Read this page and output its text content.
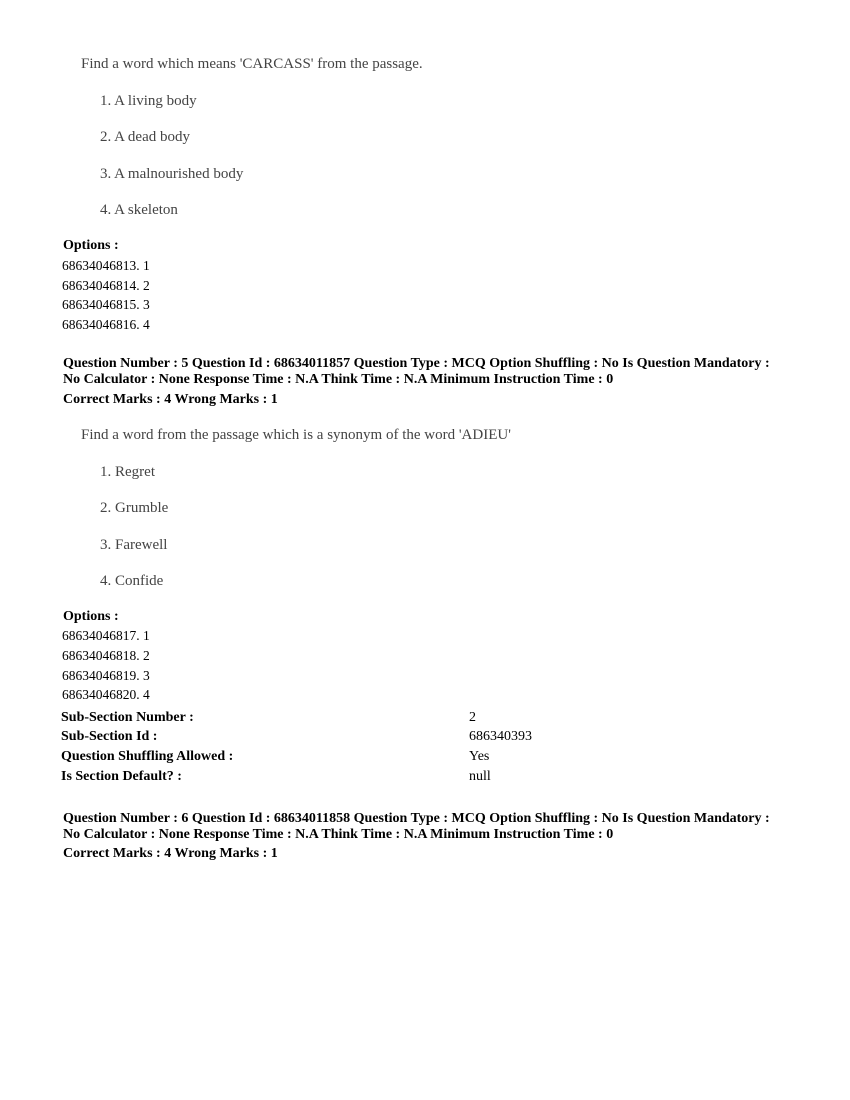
Find a word which means 'CARCASS' from the passage.
1. A living body
2. A dead body
3. A malnourished body
4. A skeleton
Options :
68634046813. 1
68634046814. 2
68634046815. 3
68634046816. 4
Question Number : 5 Question Id : 68634011857 Question Type : MCQ Option Shuffling : No Is Question Mandatory :
No Calculator : None Response Time : N.A Think Time : N.A Minimum Instruction Time : 0
Correct Marks : 4 Wrong Marks : 1
Find a word from the passage which is a synonym of the word 'ADIEU'
1. Regret
2. Grumble
3. Farewell
4. Confide
Options :
68634046817. 1
68634046818. 2
68634046819. 3
68634046820. 4
Sub-Section Number :	2
Sub-Section Id :	686340393
Question Shuffling Allowed :	Yes
Is Section Default? :	null
Question Number : 6 Question Id : 68634011858 Question Type : MCQ Option Shuffling : No Is Question Mandatory :
No Calculator : None Response Time : N.A Think Time : N.A Minimum Instruction Time : 0
Correct Marks : 4 Wrong Marks : 1
